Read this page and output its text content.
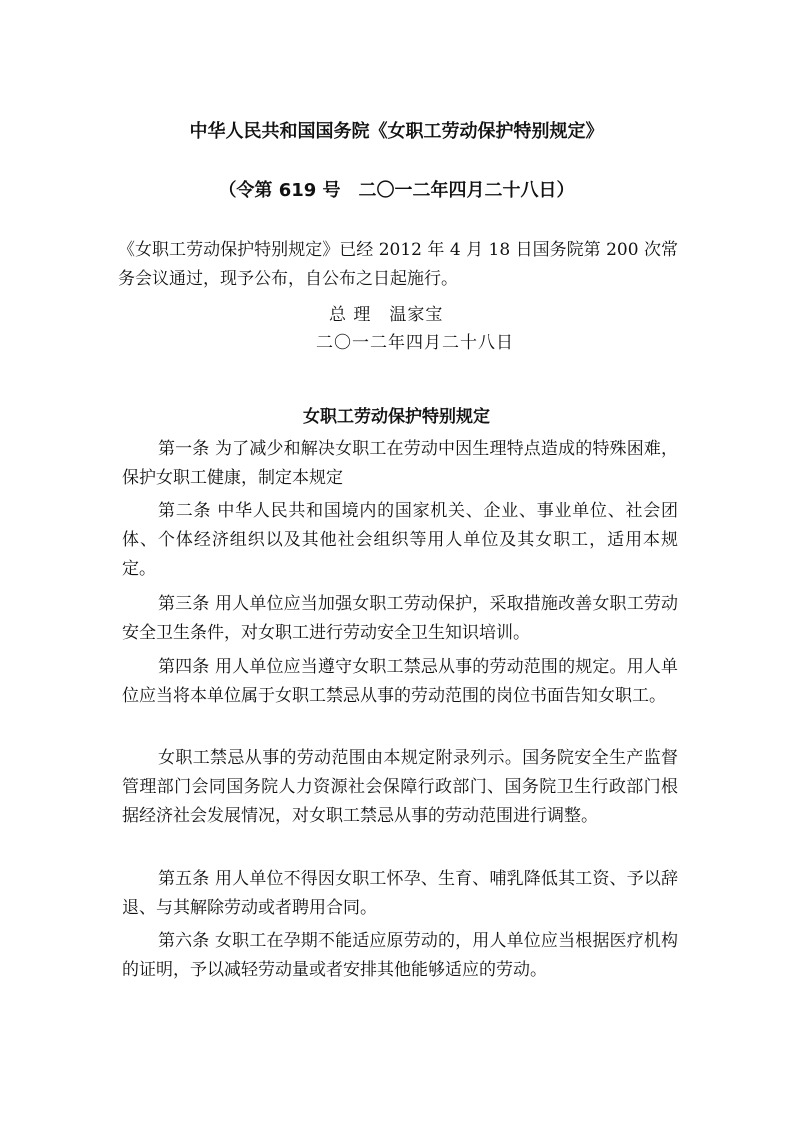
中华人民共和国国务院《女职工劳动保护特别规定》
（令第 619 号　二〇一二年四月二十八日）

《女职工劳动保护特别规定》已经 2012 年 4 月 18 日国务院第 200 次常务会议通过，现予公布，自公布之日起施行。

总 理　温家宝
二〇一二年四月二十八日
女职工劳动保护特别规定

第一条 为了减少和解决女职工在劳动中因生理特点造成的特殊困难，保护女职工健康，制定本规定

第二条 中华人民共和国境内的国家机关、企业、事业单位、社会团体、个体经济组织以及其他社会组织等用人单位及其女职工，适用本规定。

第三条 用人单位应当加强女职工劳动保护，采取措施改善女职工劳动安全卫生条件，对女职工进行劳动安全卫生知识培训。

第四条 用人单位应当遵守女职工禁忌从事的劳动范围的规定。用人单位应当将本单位属于女职工禁忌从事的劳动范围的岗位书面告知女职工。

女职工禁忌从事的劳动范围由本规定附录列示。国务院安全生产监督管理部门会同国务院人力资源社会保障行政部门、国务院卫生行政部门根据经济社会发展情况，对女职工禁忌从事的劳动范围进行调整。

第五条 用人单位不得因女职工怀孕、生育、哺乳降低其工资、予以辞退、与其解除劳动或者聘用合同。

第六条 女职工在孕期不能适应原劳动的，用人单位应当根据医疗机构的证明，予以减轻劳动量或者安排其他能够适应的劳动。
